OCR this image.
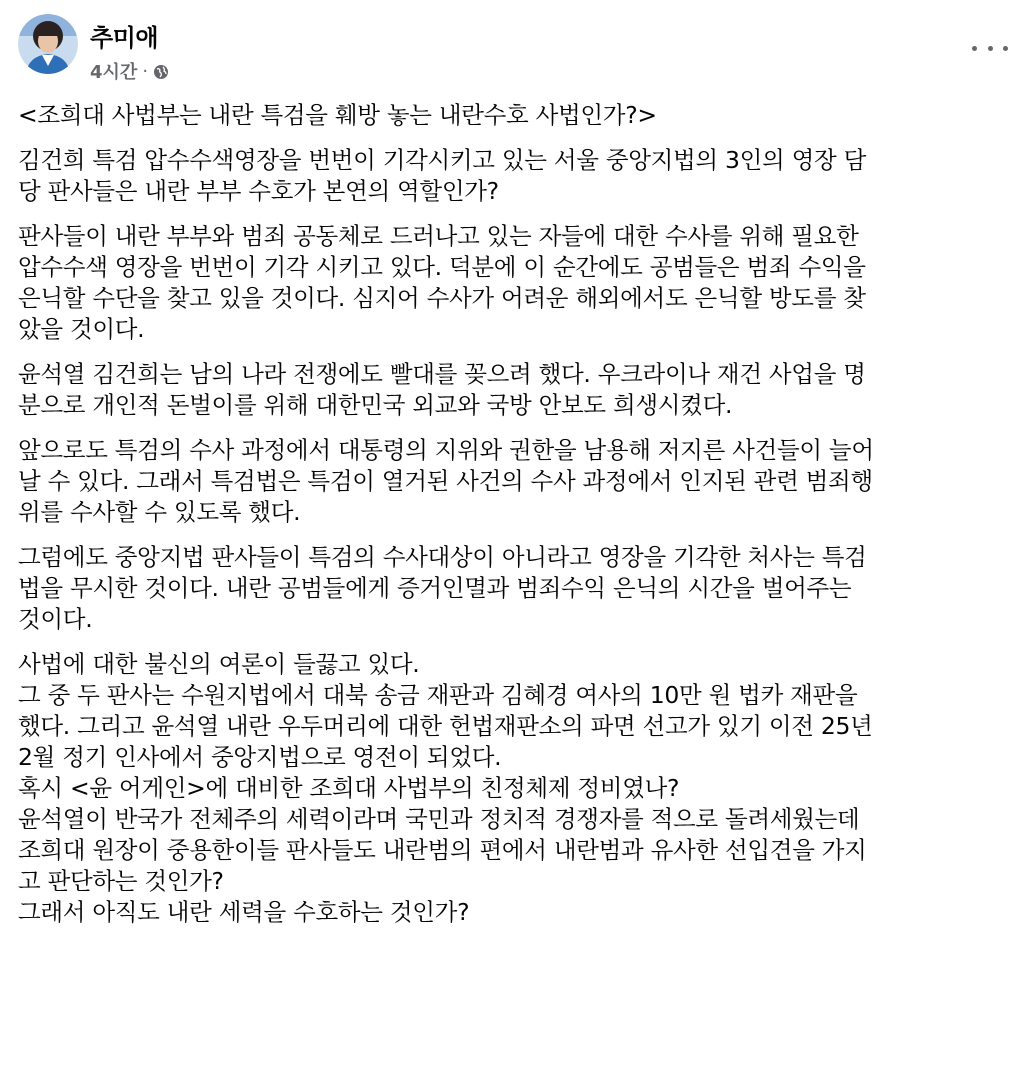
추미애
4시간 ·
<조희대 사법부는 내란 특검을 훼방 놓는 내란수호 사법인가?>
김건희 특검 압수수색영장을 번번이 기각시키고 있는 서울 중앙지법의 3인의 영장 담
당 판사들은 내란 부부 수호가 본연의 역할인가?
판사들이 내란 부부와 범죄 공동체로 드러나고 있는 자들에 대한 수사를 위해 필요한
압수수색 영장을 번번이 기각 시키고 있다. 덕분에 이 순간에도 공범들은 범죄 수익을
은닉할 수단을 찾고 있을 것이다. 심지어 수사가 어려운 해외에서도 은닉할 방도를 찾
았을 것이다.
윤석열 김건희는 남의 나라 전쟁에도 빨대를 꽂으려 했다. 우크라이나 재건 사업을 명
분으로 개인적 돈벌이를 위해 대한민국 외교와 국방 안보도 희생시켰다.
앞으로도 특검의 수사 과정에서 대통령의 지위와 권한을 남용해 저지른 사건들이 늘어
날 수 있다. 그래서 특검법은 특검이 열거된 사건의 수사 과정에서 인지된 관련 범죄행
위를 수사할 수 있도록 했다.
그럼에도 중앙지법 판사들이 특검의 수사대상이 아니라고 영장을 기각한 처사는 특검
법을 무시한 것이다. 내란 공범들에게 증거인멸과 범죄수익 은닉의 시간을 벌어주는
것이다.
사법에 대한 불신의 여론이 들끓고 있다.
그 중 두 판사는 수원지법에서 대북 송금 재판과 김혜경 여사의 10만 원 법카 재판을
했다. 그리고 윤석열 내란 우두머리에 대한 헌법재판소의 파면 선고가 있기 이전 25년
2월 정기 인사에서 중앙지법으로 영전이 되었다.
혹시 <윤 어게인>에 대비한 조희대 사법부의 친정체제 정비였나?
윤석열이 반국가 전체주의 세력이라며 국민과 정치적 경쟁자를 적으로 돌려세웠는데
조희대 원장이 중용한이들 판사들도 내란범의 편에서 내란범과 유사한 선입견을 가지
고 판단하는 것인가?
그래서 아직도 내란 세력을 수호하는 것인가?
